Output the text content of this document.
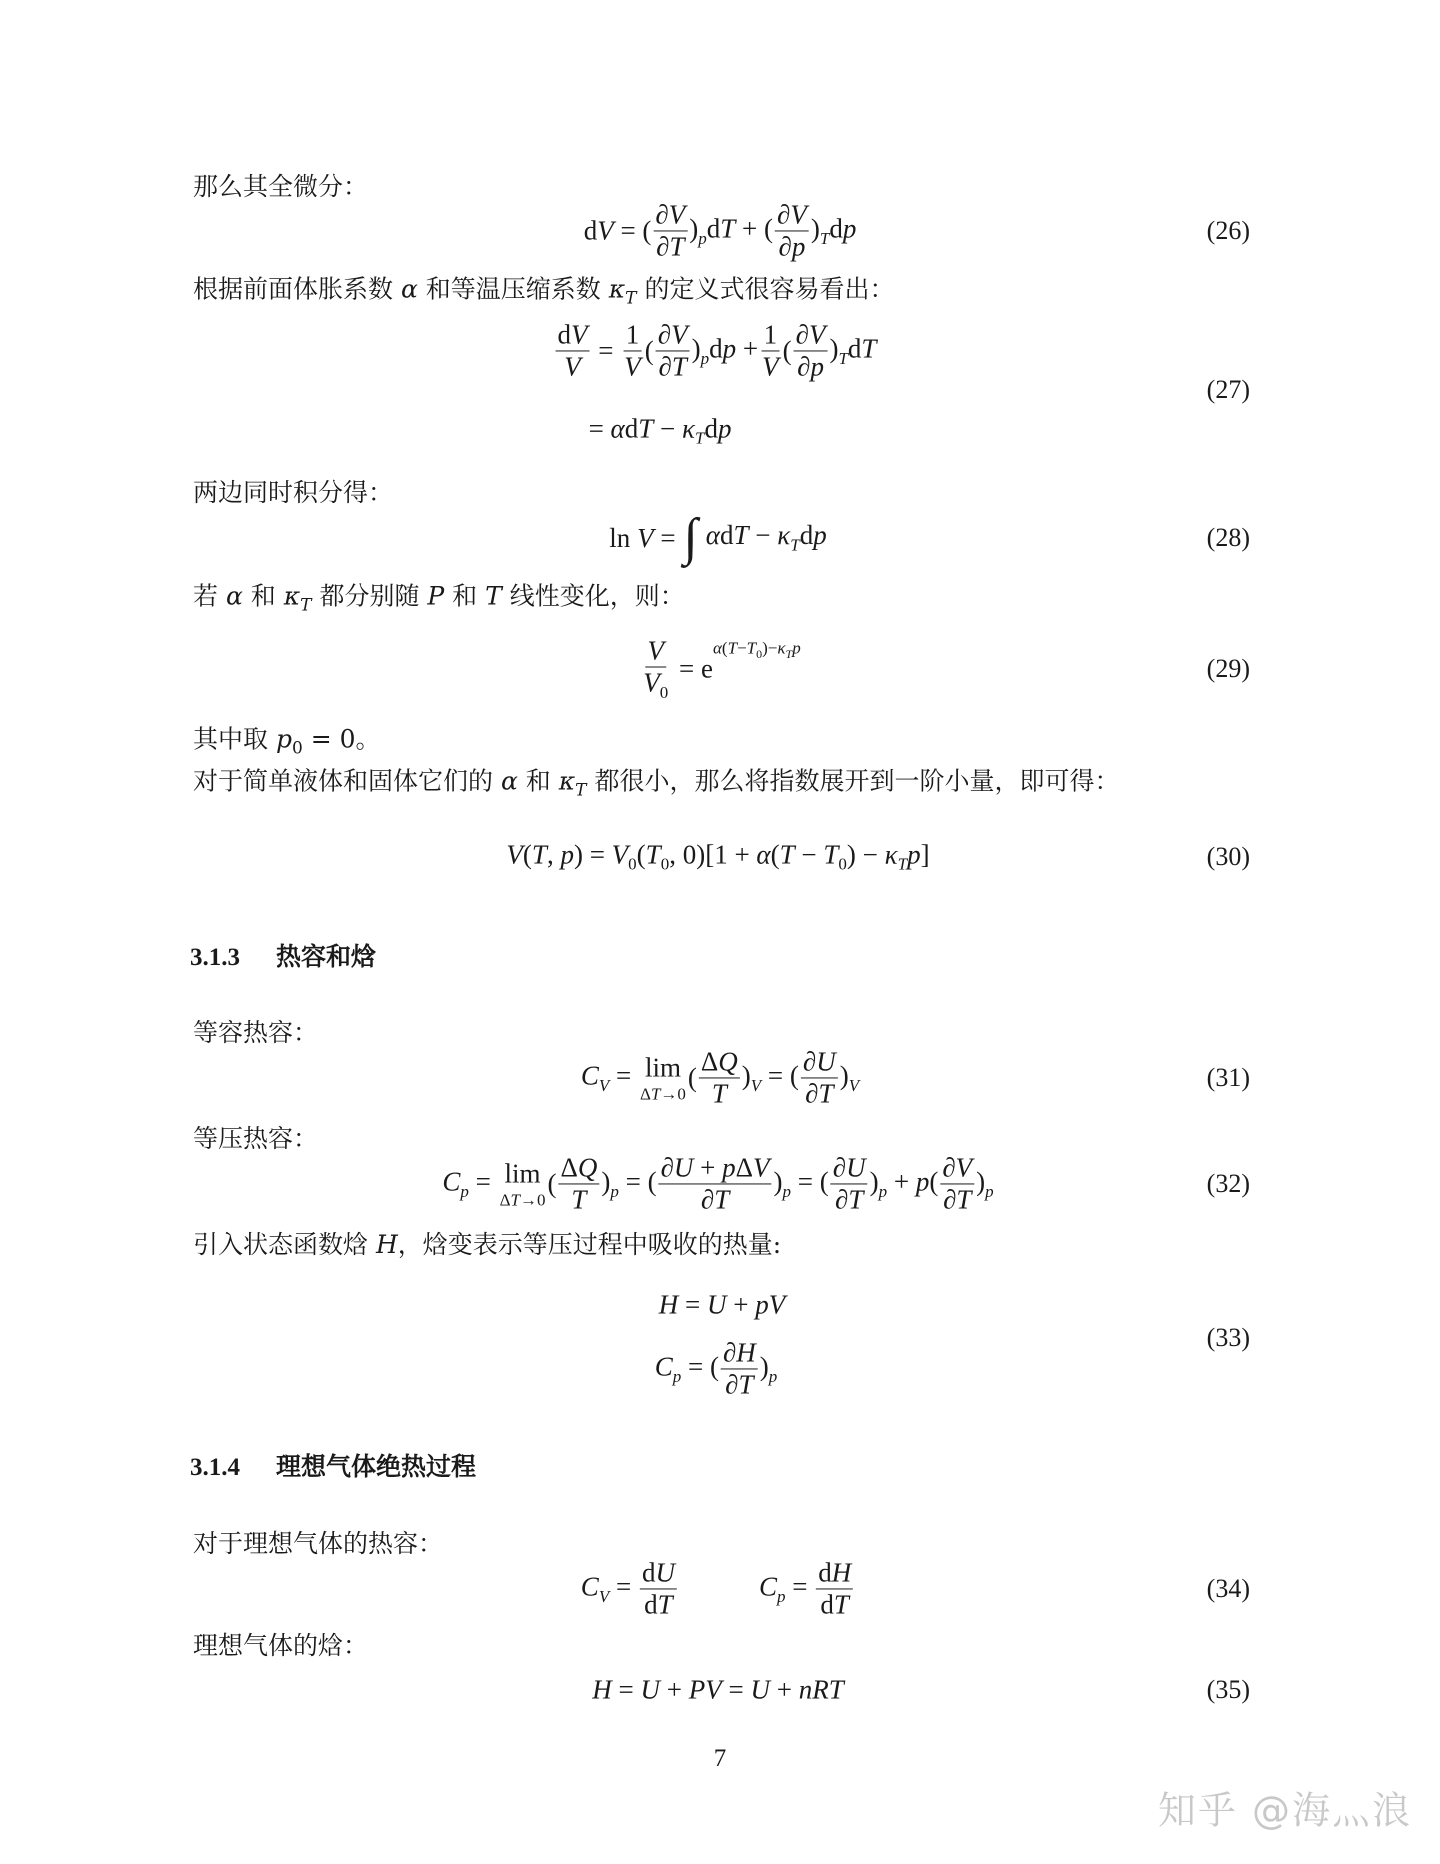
那么其全微分：
dV = ( $\frac{\partial V}{\partial T} )_pdT$ + ( $\frac{\partial V}{\partial p} )_Tdp$	(26)
根据前面体胀系数 α 和等温压缩系数 $\kappa_T$ 的定义式很容易看出：
$\frac{dV}{V} = \frac{1}{V}$ ( $\frac{\partial V}{\partial T} )_pdp + \frac{1}{V}$ ( $\frac{\partial V}{\partial p} )_TdT$
= $\alpha dT - \kappa_Tdp$
(27)
两边同时积分得：
ln V = ∫ $\alpha dT - \kappa_Tdp$	(28)
若 α 和 $\kappa_T$ 都分别随 P 和 T 线性变化，则：
$\frac{V}{V_0} = e^{\alpha(T-T_0)-\kappa_Tp}$
(29)
其中取 $p_0 = 0$。
对于简单液体和固体它们的 α 和 $\kappa_T$ 都很小，那么将指数展开到一阶小量，即可得：
V(T, $p) = V_0(T_0$, $0)[1 + \alpha(T - T_0) - \kappa_Tp]$	(30)
3.1.3 热容和焓
等容热容：
$C_V = \lim$
ΔT→0
( $\frac{\Delta Q}{T} )_V$ = ( $\frac{\partial U}{\partial T} )_V$	(31)
等压热容：
$C_p = \lim$
ΔT→0
( $\frac{\Delta Q}{T} )_p$ = ( $\frac{\text{∂U + pΔV}}{\partial T} )_p$ = ( $\frac{\partial U}{\partial T} )_p + p( \frac{\partial V}{\partial T} )_p$	(32)
引入状态函数焓 H，焓变表示等压过程中吸收的热量:
H = U + pV
$C_p$ = ( $\frac{\partial H}{\partial T} )_p$
(33)
3.1.4 理想气体绝热过程
对于理想气体的热容：
$C_V = \frac{dU}{dT}$	$C_p = \frac{dH}{dT}$	(34)
理想气体的焓：
H = U + PV = U + nRT	(35)
7
知乎 @海灬浪
